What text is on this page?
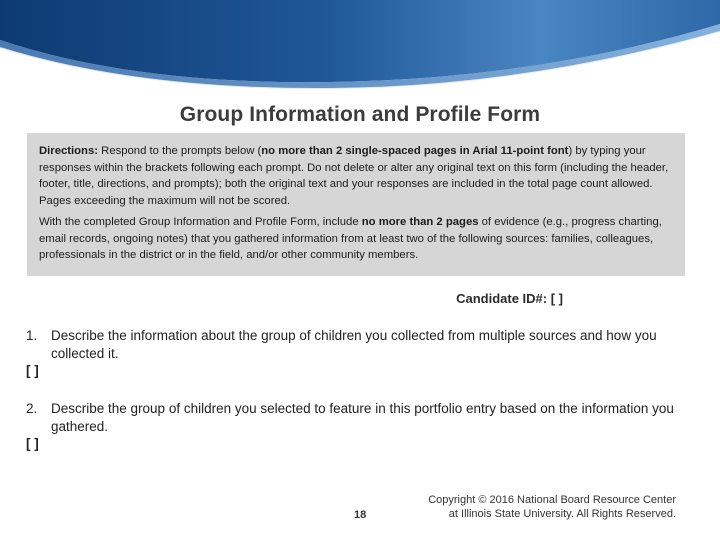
Group Information and Profile Form

Directions: Respond to the prompts below (no more than 2 single-spaced pages in Arial 11-point font) by typing your responses within the brackets following each prompt. Do not delete or alter any original text on this form (including the header, footer, title, directions, and prompts); both the original text and your responses are included in the total page count allowed. Pages exceeding the maximum will not be scored.

With the completed Group Information and Profile Form, include no more than 2 pages of evidence (e.g., progress charting, email records, ongoing notes) that you gathered information from at least two of the following sources: families, colleagues, professionals in the district or in the field, and/or other community members.

Candidate ID#: [ ]
1. Describe the information about the group of children you collected from multiple sources and how you collected it.
[ ]
2. Describe the group of children you selected to feature in this portfolio entry based on the information you gathered.
[ ]
18
Copyright © 2016 National Board Resource Center at Illinois State University. All Rights Reserved.
